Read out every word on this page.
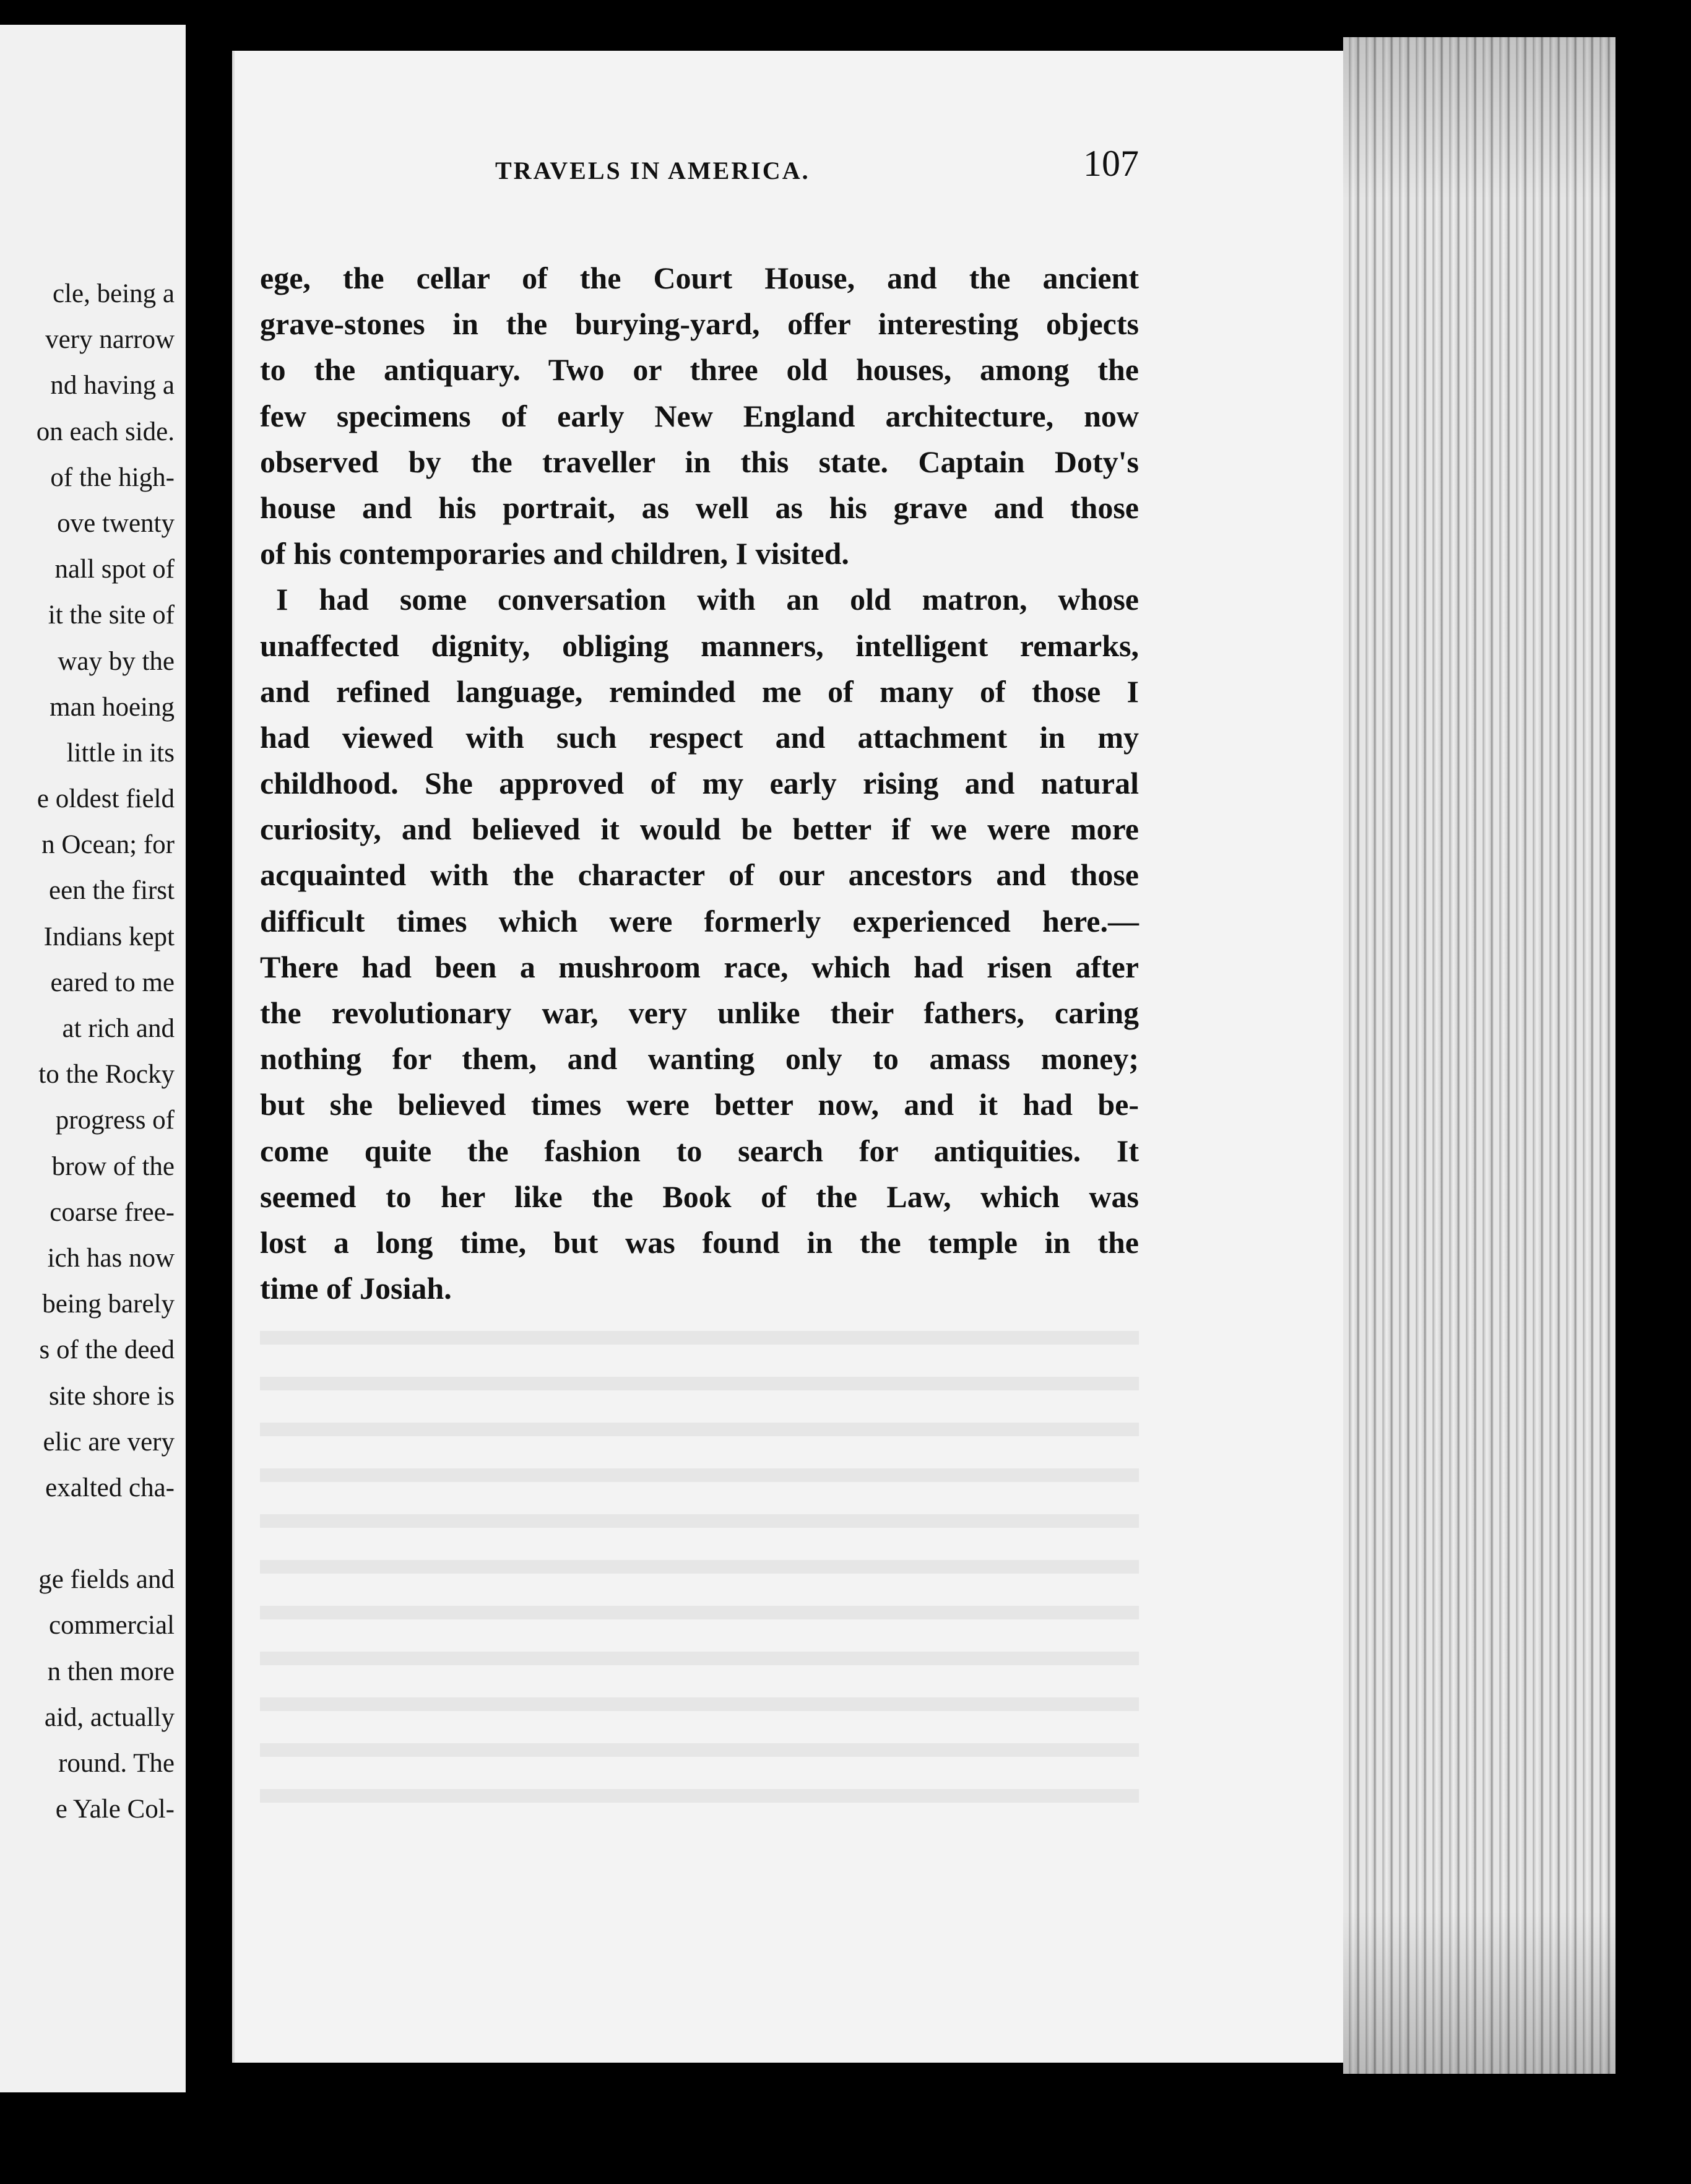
cle, being a
very narrow
nd having a
on each side.
of the high-
ove twenty
nall spot of
it the site of
way by the
man hoeing
little in its
e oldest field
n Ocean; for
een the first
Indians kept
eared to me
at rich and
to the Rocky
progress of
brow of the
coarse free-
ich has now
being barely
s of the deed
site shore is
elic are very
exalted cha-
ge fields and
commercial
n then more
aid, actually
round. The
e Yale Col-
TRAVELS IN AMERICA.	107
ege, the cellar of the Court House, and the ancient
grave-stones in the burying-yard, offer interesting objects
to the antiquary. Two or three old houses, among the
few specimens of early New England architecture, now
observed by the traveller in this state. Captain Doty's
house and his portrait, as well as his grave and those
of his contemporaries and children, I visited.
I had some conversation with an old matron, whose
unaffected dignity, obliging manners, intelligent remarks,
and refined language, reminded me of many of those I
had viewed with such respect and attachment in my
childhood. She approved of my early rising and natural
curiosity, and believed it would be better if we were more
acquainted with the character of our ancestors and those
difficult times which were formerly experienced here.—
There had been a mushroom race, which had risen after
the revolutionary war, very unlike their fathers, caring
nothing for them, and wanting only to amass money;
but she believed times were better now, and it had be-
come quite the fashion to search for antiquities. It
seemed to her like the Book of the Law, which was
lost a long time, but was found in the temple in the
time of Josiah.
